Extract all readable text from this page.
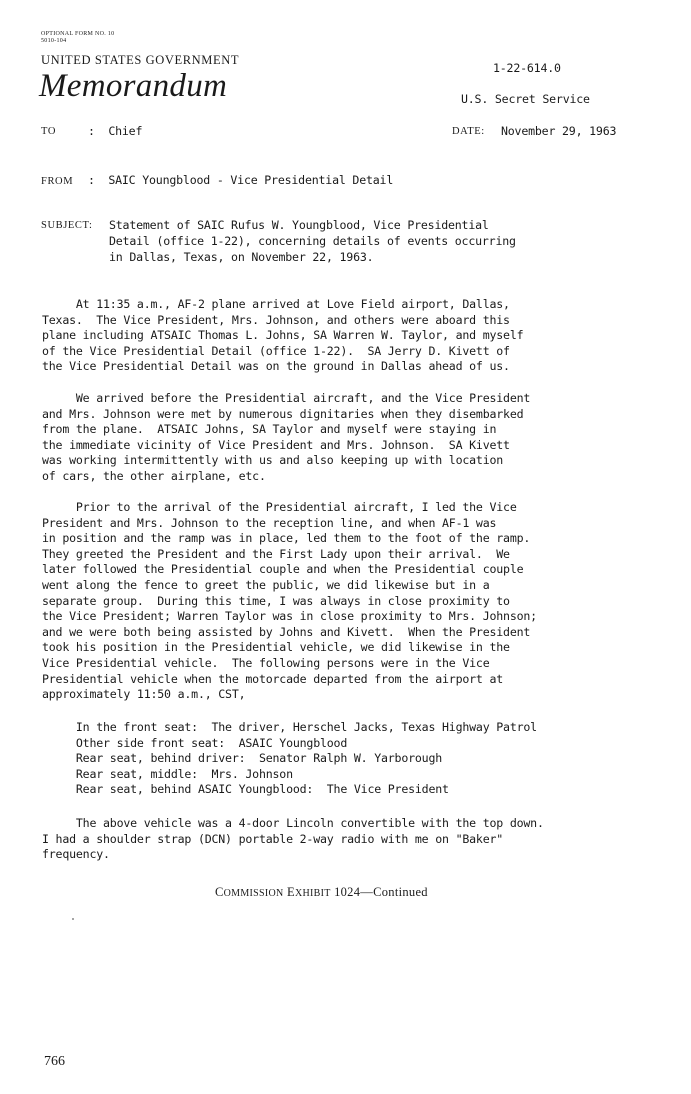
OPTIONAL FORM NO. 10
5010-104
UNITED STATES GOVERNMENT
Memorandum	1-22-614.0
U.S. Secret Service
TO	:  Chief	DATE: November 29, 1963
FROM :  SAIC Youngblood - Vice Presidential Detail
SUBJECT: Statement of SAIC Rufus W. Youngblood, Vice Presidential
Detail (office 1-22), concerning details of events occurring
in Dallas, Texas, on November 22, 1963.
At 11:35 a.m., AF-2 plane arrived at Love Field airport, Dallas,
Texas.  The Vice President, Mrs. Johnson, and others were aboard this
plane including ATSAIC Thomas L. Johns, SA Warren W. Taylor, and myself
of the Vice Presidential Detail (office 1-22).  SA Jerry D. Kivett of
the Vice Presidential Detail was on the ground in Dallas ahead of us.
We arrived before the Presidential aircraft, and the Vice President
and Mrs. Johnson were met by numerous dignitaries when they disembarked
from the plane.  ATSAIC Johns, SA Taylor and myself were staying in
the immediate vicinity of Vice President and Mrs. Johnson.  SA Kivett
was working intermittently with us and also keeping up with location
of cars, the other airplane, etc.
Prior to the arrival of the Presidential aircraft, I led the Vice
President and Mrs. Johnson to the reception line, and when AF-1 was
in position and the ramp was in place, led them to the foot of the ramp.
They greeted the President and the First Lady upon their arrival.  We
later followed the Presidential couple and when the Presidential couple
went along the fence to greet the public, we did likewise but in a
separate group.  During this time, I was always in close proximity to
the Vice President; Warren Taylor was in close proximity to Mrs. Johnson;
and we were both being assisted by Johns and Kivett.  When the President
took his position in the Presidential vehicle, we did likewise in the
Vice Presidential vehicle.  The following persons were in the Vice
Presidential vehicle when the motorcade departed from the airport at
approximately 11:50 a.m., CST,
In the front seat:  The driver, Herschel Jacks, Texas Highway Patrol
Other side front seat:  ASAIC Youngblood
Rear seat, behind driver:  Senator Ralph W. Yarborough
Rear seat, middle:  Mrs. Johnson
Rear seat, behind ASAIC Youngblood:  The Vice President
The above vehicle was a 4-door Lincoln convertible with the top down.
I had a shoulder strap (DCN) portable 2-way radio with me on "Baker"
frequency.
COMMISSION EXHIBIT 1024—Continued
766
